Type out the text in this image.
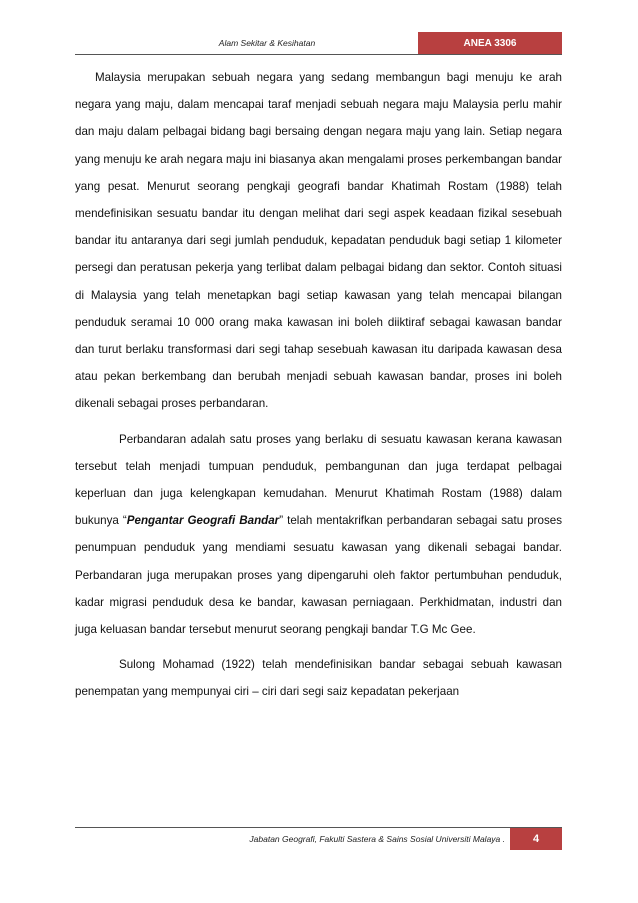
Alam Sekitar & Kesihatan	ANEA 3306

Malaysia merupakan sebuah negara yang sedang membangun bagi menuju ke arah negara yang maju, dalam mencapai taraf menjadi sebuah negara maju Malaysia perlu mahir dan maju dalam pelbagai bidang bagi bersaing dengan negara maju yang lain. Setiap negara yang menuju ke arah negara maju ini biasanya akan mengalami proses perkembangan bandar yang pesat. Menurut seorang pengkaji geografi bandar Khatimah Rostam (1988) telah mendefinisikan sesuatu bandar itu dengan melihat dari segi aspek keadaan fizikal sesebuah bandar itu antaranya dari segi jumlah penduduk, kepadatan penduduk bagi setiap 1 kilometer persegi dan peratusan pekerja yang terlibat dalam pelbagai bidang dan sektor. Contoh situasi di Malaysia yang telah menetapkan bagi setiap kawasan yang telah mencapai bilangan penduduk seramai 10 000 orang maka kawasan ini boleh diiktiraf sebagai kawasan bandar dan turut berlaku transformasi dari segi tahap sesebuah kawasan itu daripada kawasan desa atau pekan berkembang dan berubah menjadi sebuah kawasan bandar, proses ini boleh dikenali sebagai proses perbandaran.

Perbandaran adalah satu proses yang berlaku di sesuatu kawasan kerana kawasan tersebut telah menjadi tumpuan penduduk, pembangunan dan juga terdapat pelbagai keperluan dan juga kelengkapan kemudahan. Menurut Khatimah Rostam (1988) dalam bukunya “Pengantar Geografi Bandar” telah mentakrifkan perbandaran sebagai satu proses penumpuan penduduk yang mendiami sesuatu kawasan yang dikenali sebagai bandar. Perbandaran juga merupakan proses yang dipengaruhi oleh faktor pertumbuhan penduduk, kadar migrasi penduduk desa ke bandar, kawasan perniagaan. Perkhidmatan, industri dan juga keluasan bandar tersebut menurut seorang pengkaji bandar T.G Mc Gee.

Sulong Mohamad (1922) telah mendefinisikan bandar sebagai sebuah kawasan penempatan yang mempunyai ciri – ciri dari segi saiz kepadatan pekerjaan

Jabatan Geografi, Fakulti Sastera & Sains Sosial Universiti Malaya .	4
